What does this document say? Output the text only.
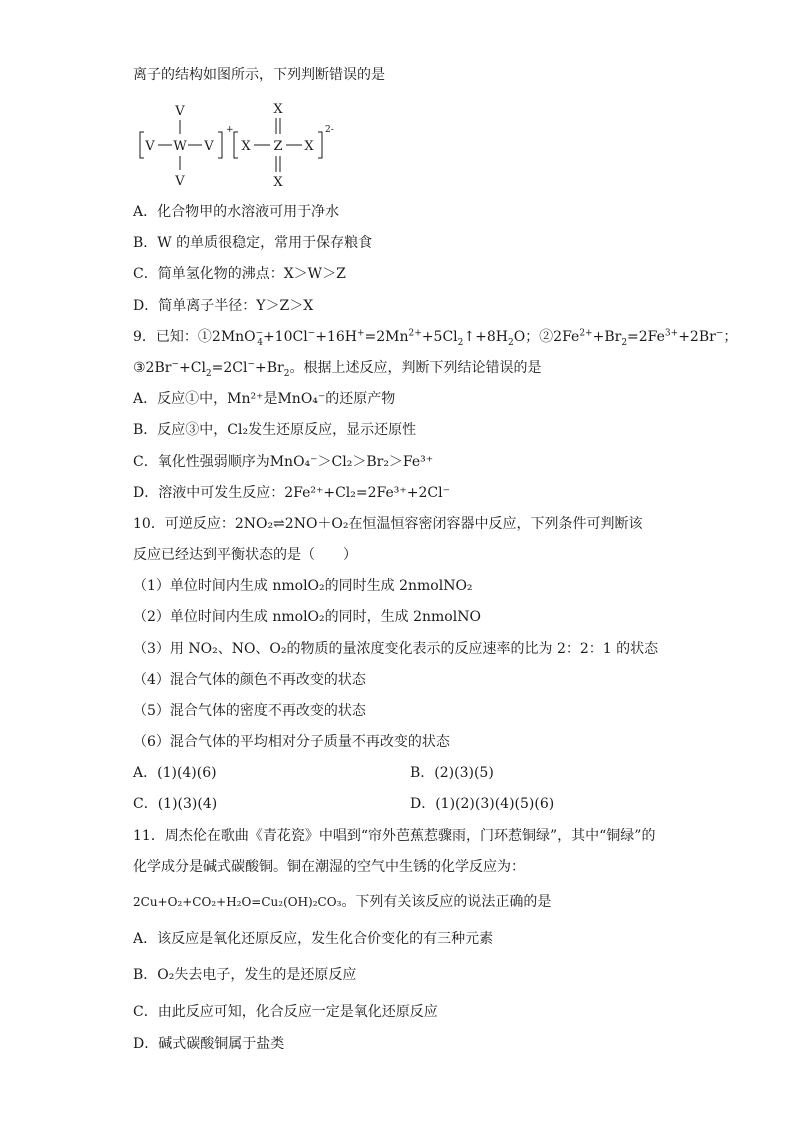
离子的结构如图所示，下列判断错误的是
V
V W V
V
+
X
X Z X
X
2-
A．化合物甲的水溶液可用于净水
B．W 的单质很稳定，常用于保存粮食
C．简单氢化物的沸点：X＞W＞Z
D．简单离子半径：Y＞Z＞X
9．已知：$①2MnO^-_4+10Cl^-+16H^+=2Mn^{2+}+5Cl_2↑+8H_2O$；$②2Fe^{2+}+Br_2=2Fe^{3+}+2Br^-$；
$③2Br^-+Cl_2=2Cl^-+Br_2$。根据上述反应，判断下列结论错误的是
A．反应①中，Mn²⁺是MnO₄⁻的还原产物
B．反应③中，Cl₂发生还原反应，显示还原性
C．氧化性强弱顺序为MnO₄⁻＞Cl₂＞Br₂＞Fe³⁺
D．溶液中可发生反应：2Fe²⁺+Cl₂=2Fe³⁺+2Cl⁻
10．可逆反应：2NO₂⇌2NO＋O₂在恒温恒容密闭容器中反应，下列条件可判断该
反应已经达到平衡状态的是（　　）
（1）单位时间内生成 nmolO₂的同时生成 2nmolNO₂
（2）单位时间内生成 nmolO₂的同时，生成 2nmolNO
（3）用 NO₂、NO、O₂的物质的量浓度变化表示的反应速率的比为 2：2：1 的状态
（4）混合气体的颜色不再改变的状态
（5）混合气体的密度不再改变的状态
（6）混合气体的平均相对分子质量不再改变的状态
A．(1)(4)(6)	B．(2)(3)(5)
C．(1)(3)(4)	D．(1)(2)(3)(4)(5)(6)
11．周杰伦在歌曲《青花瓷》中唱到“帘外芭蕉惹骤雨，门环惹铜绿”，其中“铜绿”的
化学成分是碱式碳酸铜。铜在潮湿的空气中生锈的化学反应为：
2Cu+O₂+CO₂+H₂O=Cu₂(OH)₂CO₃。下列有关该反应的说法正确的是
A．该反应是氧化还原反应，发生化合价变化的有三种元素
B．O₂失去电子，发生的是还原反应
C．由此反应可知，化合反应一定是氧化还原反应
D．碱式碳酸铜属于盐类
